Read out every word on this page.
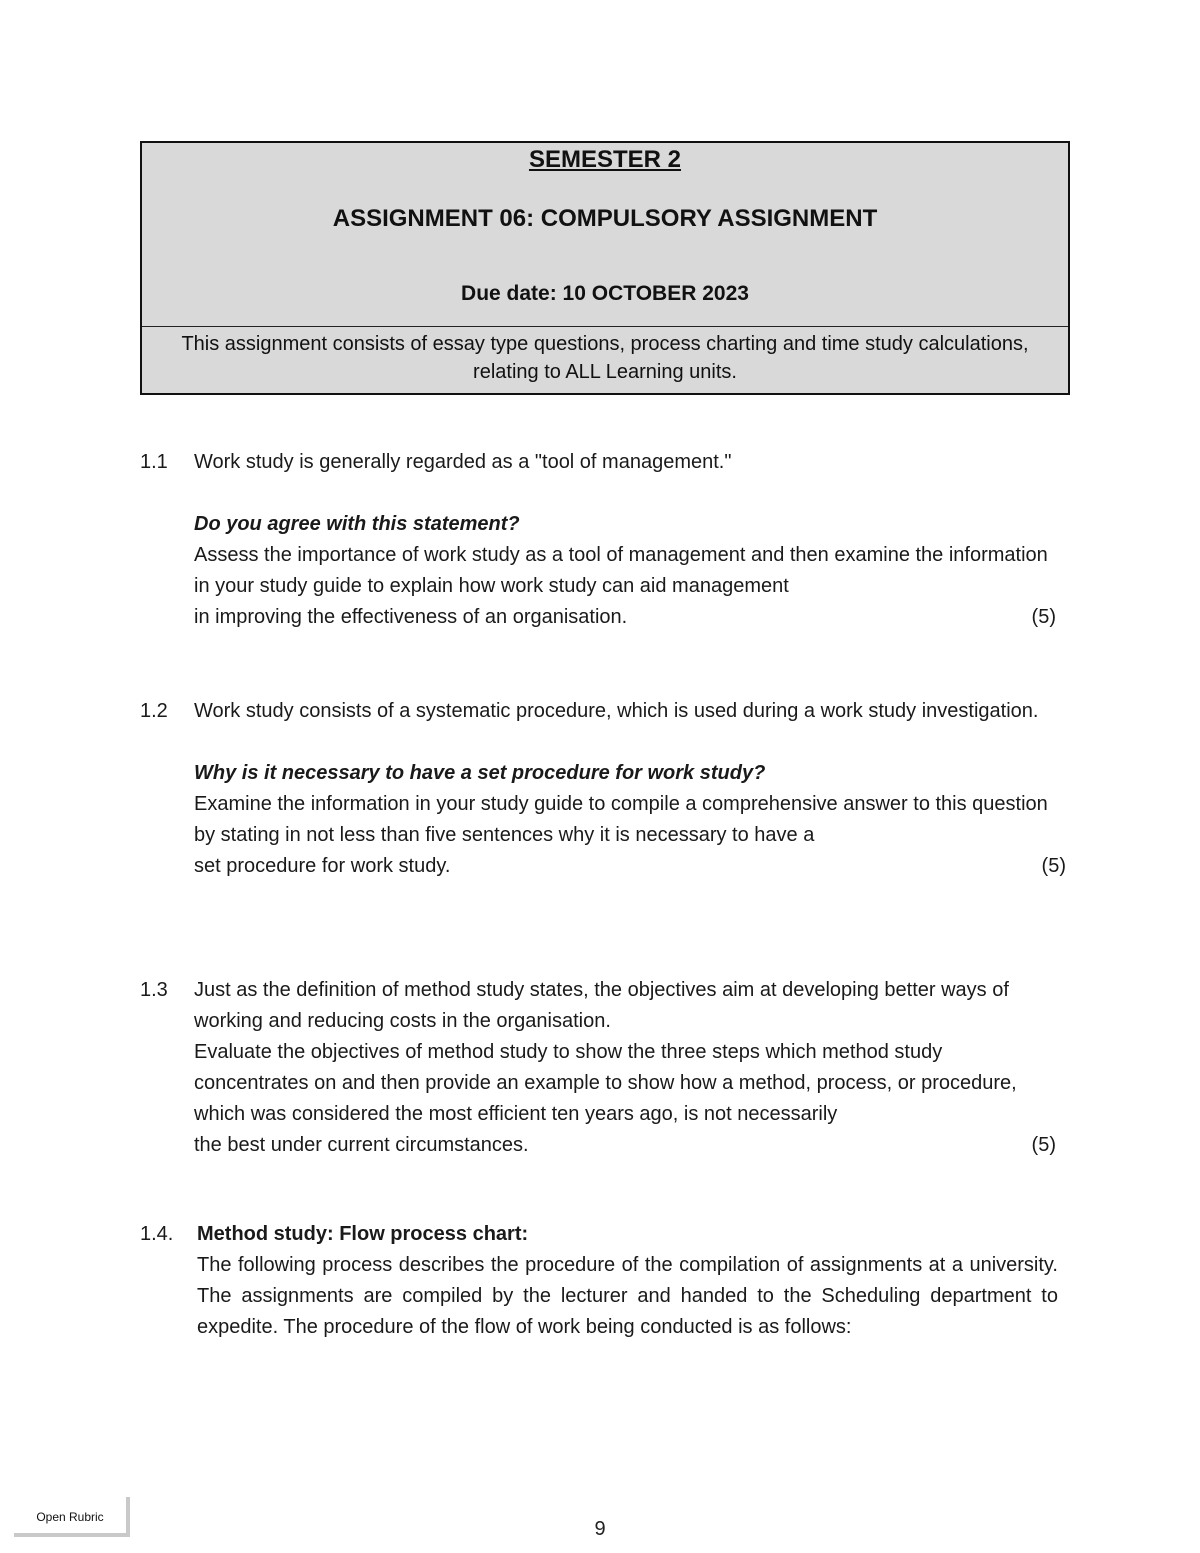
SEMESTER 2
ASSIGNMENT 06: COMPULSORY ASSIGNMENT
Due date: 10 OCTOBER 2023
This assignment consists of essay type questions, process charting and time study calculations, relating to ALL Learning units.
1.1 Work study is generally regarded as a "tool of management."

Do you agree with this statement?

Assess the importance of work study as a tool of management and then examine the information in your study guide to explain how work study can aid management

in improving the effectiveness of an organisation.	(5)
1.2 Work study consists of a systematic procedure, which is used during a work study investigation.

Why is it necessary to have a set procedure for work study?

Examine the information in your study guide to compile a comprehensive answer to this question by stating in not less than five sentences why it is necessary to have a

set procedure for work study.	(5)
1.3 Just as the definition of method study states, the objectives aim at developing better ways of working and reducing costs in the organisation.

Evaluate the objectives of method study to show the three steps which method study concentrates on and then provide an example to show how a method, process, or procedure, which was considered the most efficient ten years ago, is not necessarily

the best under current circumstances.	(5)
1.4. Method study: Flow process chart:

The following process describes the procedure of the compilation of assignments at a university. The assignments are compiled by the lecturer and handed to the Scheduling department to expedite. The procedure of the flow of work being conducted is as follows:

Open Rubric
9
